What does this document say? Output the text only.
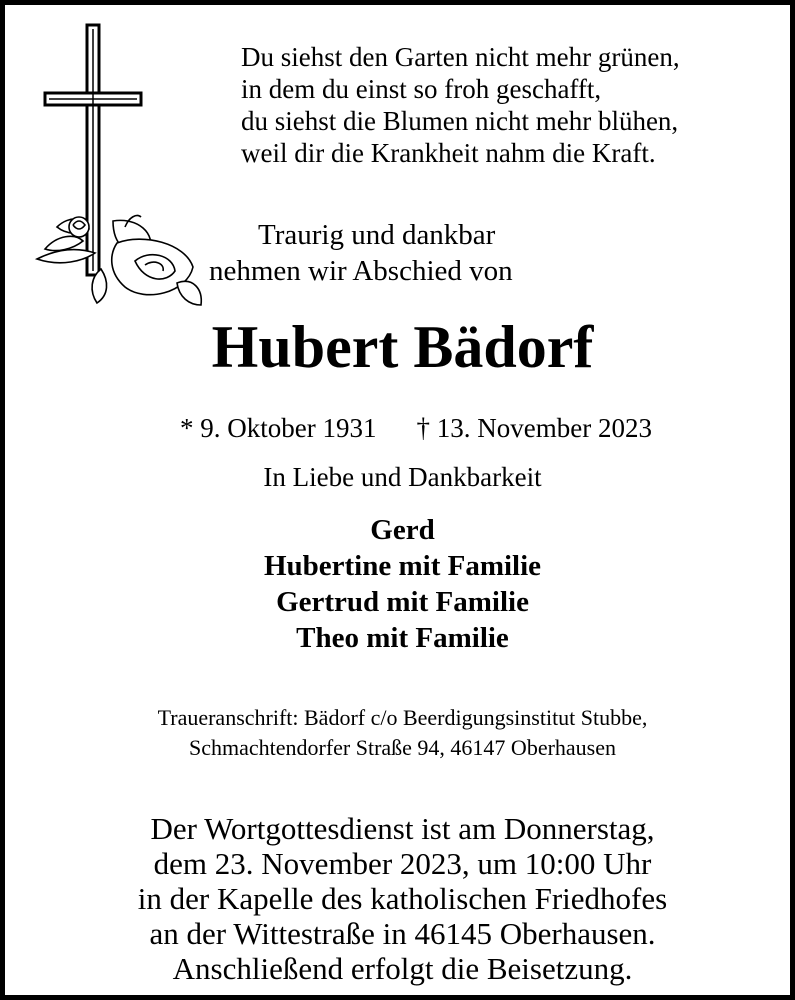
Du siehst den Garten nicht mehr grünen,
in dem du einst so froh geschafft,
du siehst die Blumen nicht mehr blühen,
weil dir die Krankheit nahm die Kraft.
Traurig und dankbar
nehmen wir Abschied von
Hubert Bädorf

* 9. Oktober 1931 † 13. November 2023

In Liebe und Dankbarkeit
Gerd
Hubertine mit Familie
Gertrud mit Familie
Theo mit Familie
Traueranschrift: Bädorf c/o Beerdigungsinstitut Stubbe,
Schmachtendorfer Straße 94, 46147 Oberhausen
Der Wortgottesdienst ist am Donnerstag,
dem 23. November 2023, um 10:00 Uhr
in der Kapelle des katholischen Friedhofes
an der Wittestraße in 46145 Oberhausen.
Anschließend erfolgt die Beisetzung.
